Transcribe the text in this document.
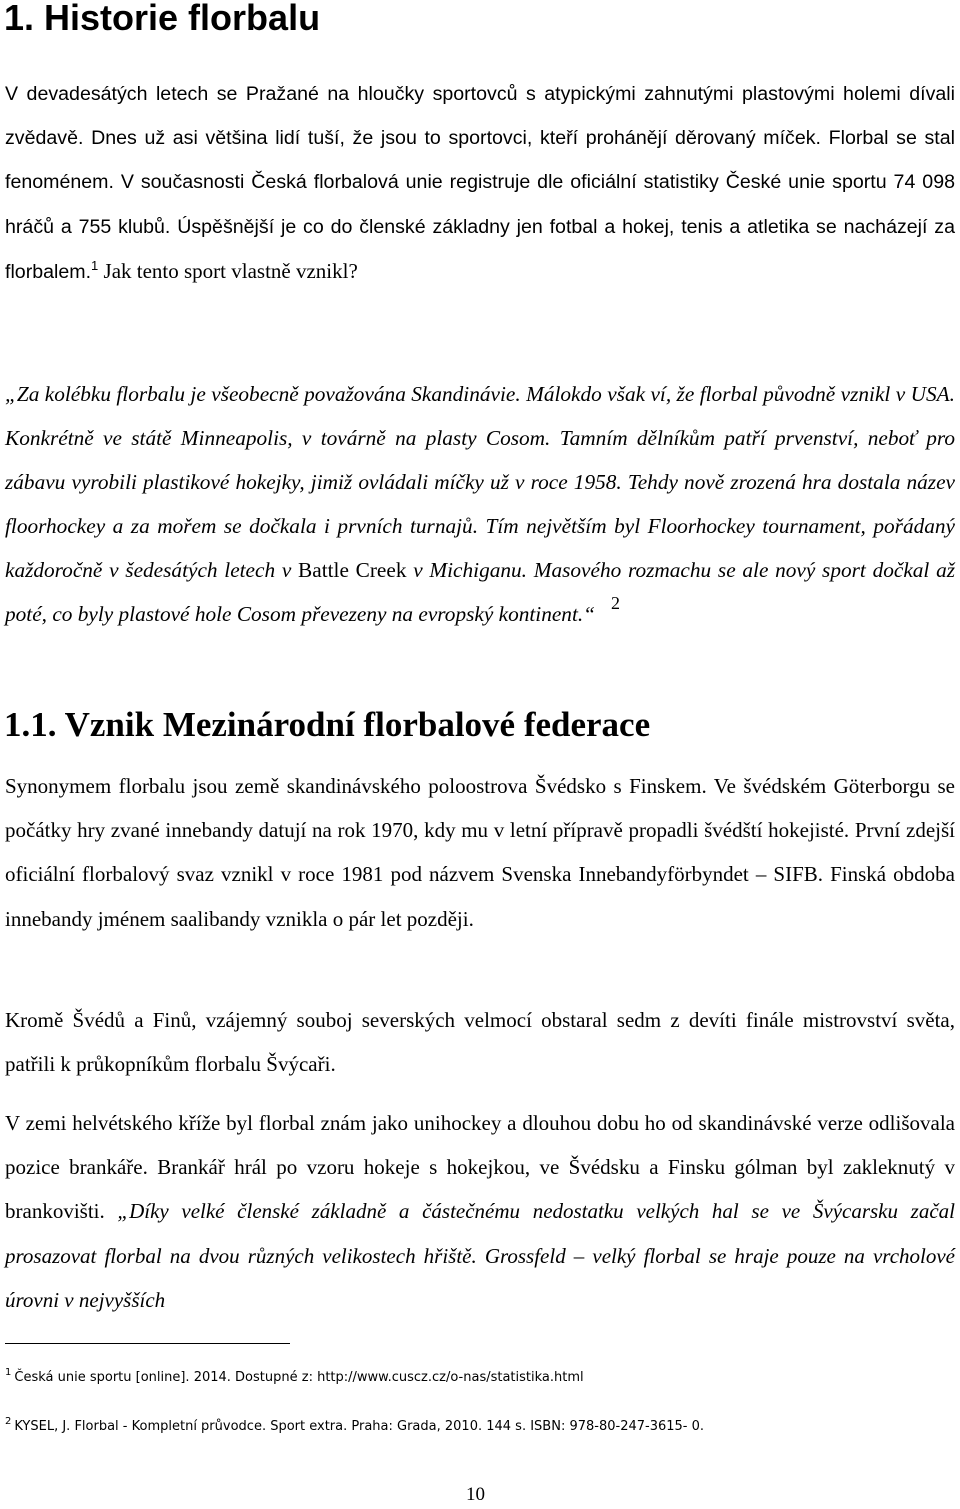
1. Historie florbalu

V devadesátých letech se Pražané na hloučky sportovců s atypickými zahnutými plastovými holemi dívali zvědavě. Dnes už asi většina lidí tuší, že jsou to sportovci, kteří prohánějí děrovaný míček. Florbal se stal fenoménem. V současnosti Česká florbalová unie registruje dle oficiální statistiky České unie sportu 74 098 hráčů a 755 klubů. Úspěšnější je co do členské základny jen fotbal a hokej, tenis a atletika se nacházejí za florbalem.$^1$ Jak tento sport vlastně vznikl?

„Za kolébku florbalu je všeobecně považována Skandinávie. Málokdo však ví, že florbal původně vznikl v USA. Konkrétně ve státě Minneapolis, v továrně na plasty Cosom. Tamním dělníkům patří prvenství, neboť pro zábavu vyrobili plastikové hokejky, jimiž ovládali míčky už v roce 1958. Tehdy nově zrozená hra dostala název floorhockey a za mořem se dočkala i prvních turnajů. Tím největším byl Floorhockey tournament, pořádaný každoročně v šedesátých letech v Battle Creek v Michiganu. Masového rozmachu se ale nový sport dočkal až poté, co byly plastové hole Cosom převezeny na evropský kontinent.“ $^2$

1.1. Vznik Mezinárodní florbalové federace

Synonymem florbalu jsou země skandinávského poloostrova Švédsko s Finskem. Ve švédském Göterborgu se počátky hry zvané innebandy datují na rok 1970, kdy mu v letní přípravě propadli švédští hokejisté. První zdejší oficiální florbalový svaz vznikl v roce 1981 pod názvem Svenska Innebandyförbyndet – SIFB. Finská obdoba innebandy jménem saalibandy vznikla o pár let později.

Kromě Švédů a Finů, vzájemný souboj severských velmocí obstaral sedm z devíti finále mistrovství světa, patřili k průkopníkům florbalu Švýcaři.

V zemi helvétského kříže byl florbal znám jako unihockey a dlouhou dobu ho od skandinávské verze odlišovala pozice brankáře. Brankář hrál po vzoru hokeje s hokejkou, ve Švédsku a Finsku gólman byl zakleknutý v brankovišti. „Díky velké členské základně a částečnému nedostatku velkých hal se ve Švýcarsku začal prosazovat florbal na dvou různých velikostech hřiště. Grossfeld – velký florbal se hraje pouze na vrcholové úrovni v nejvyšších

$^1$ Česká unie sportu [online]. 2014. Dostupné z: http://www.cuscz.cz/o-nas/statistika.html

$^2$ KYSEL, J. Florbal - Kompletní průvodce. Sport extra. Praha: Grada, 2010. 144 s. ISBN: 978-80-247-3615- 0.

10
